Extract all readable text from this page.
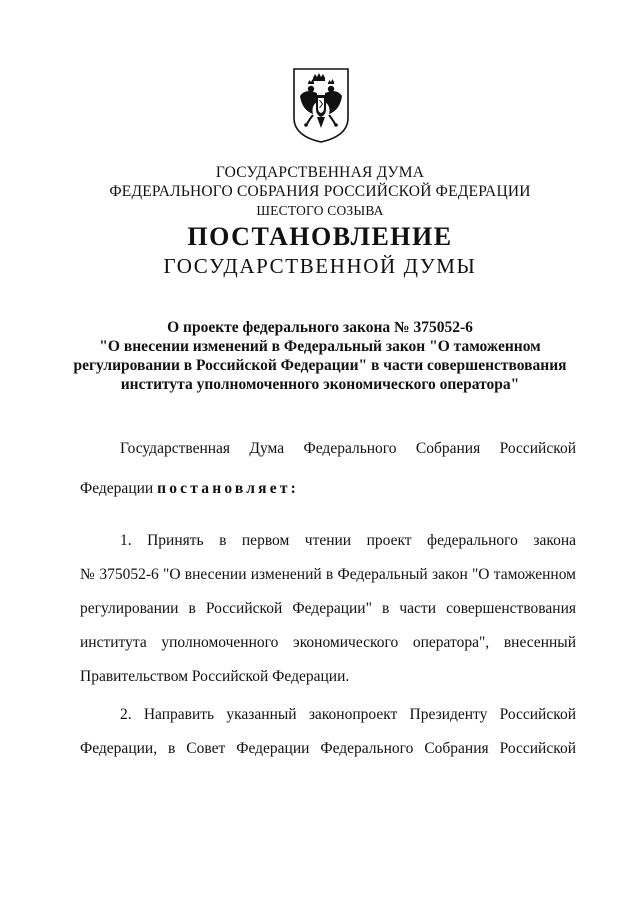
ГОСУДАРСТВЕННАЯ ДУМА
ФЕДЕРАЛЬНОГО СОБРАНИЯ РОССИЙСКОЙ ФЕДЕРАЦИИ
ШЕСТОГО СОЗЫВА
ПОСТАНОВЛЕНИЕ
ГОСУДАРСТВЕННОЙ ДУМЫ
О проекте федерального закона № 375052-6
"О внесении изменений в Федеральный закон "О таможенном
регулировании в Российской Федерации" в части совершенствования
института уполномоченного экономического оператора"
Государственная Дума Федерального Собрания Российской
Федерации постановляет:
1. Принять в первом чтении проект федерального закона
№ 375052-6 "О внесении изменений в Федеральный закон "О таможенном
регулировании в Российской Федерации" в части совершенствования
института уполномоченного экономического оператора", внесенный
Правительством Российской Федерации.
2. Направить указанный законопроект Президенту Российской
Федерации, в Совет Федерации Федерального Собрания Российской
